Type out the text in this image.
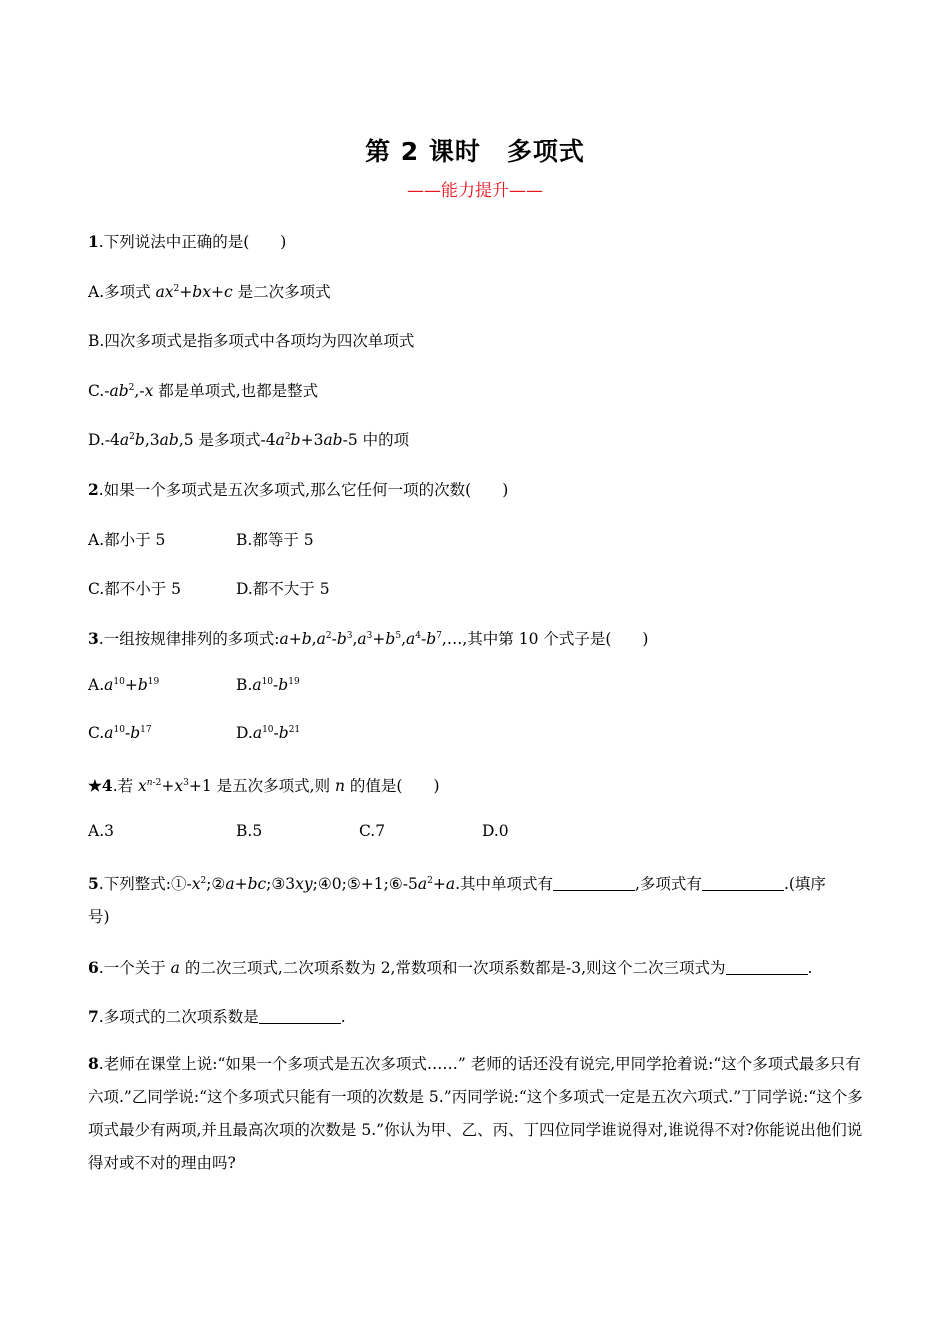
第 2 课时　多项式
——能力提升——
1.下列说法中正确的是(　　)
A.多项式 $ax^2+bx+c$ 是二次多项式
B.四次多项式是指多项式中各项均为四次单项式
$C.-ab^2,-x$ 都是单项式,也都是整式
$D.-4a^2b,3ab,5$ 是多项式$-4a^2b+3ab-5$ 中的项
2.如果一个多项式是五次多项式,那么它任何一项的次数(　　)
A.都小于 5	B.都等于 5
C.都不小于 5	D.都不大于 5
3.一组按规律排列的多项式$:a+b,a^2-b^3,a^3+b^5,a^4-b^7,\dots$,其中第 10 个式子是(　　)
$A.a^{10}+b^{19}$	$B.a^{10}-b^{19}$
$C.a^{10}-b^{17}$	$D.a^{10}-b^{21}$
★4.若 $x^{n-2}+x^3+1$ 是五次多项式,则 n 的值是(　　)
A.3	B.5	C.7	D.0
5.下列整式$:①-x^2;②a+bc;③3xy;④0;⑤+1;⑥-5a^2+a$.其中单项式有	,多项式有	.(填序
号)
6.一个关于 a 的二次三项式,二次项系数为 2,常数项和一次项系数都是-3,则这个二次三项式为	.
7.多项式的二次项系数是	.
8.老师在课堂上说:“如果一个多项式是五次多项式……” 老师的话还没有说完,甲同学抢着说:“这个多项式最多只有六项.”乙同学说:“这个多项式只能有一项的次数是 5.”丙同学说:“这个多项式一定是五次六项式.”丁同学说:“这个多项式最少有两项,并且最高次项的次数是 5.”你认为甲、乙、丙、丁四位同学谁说得对,谁说得不对?你能说出他们说得对或不对的理由吗?
